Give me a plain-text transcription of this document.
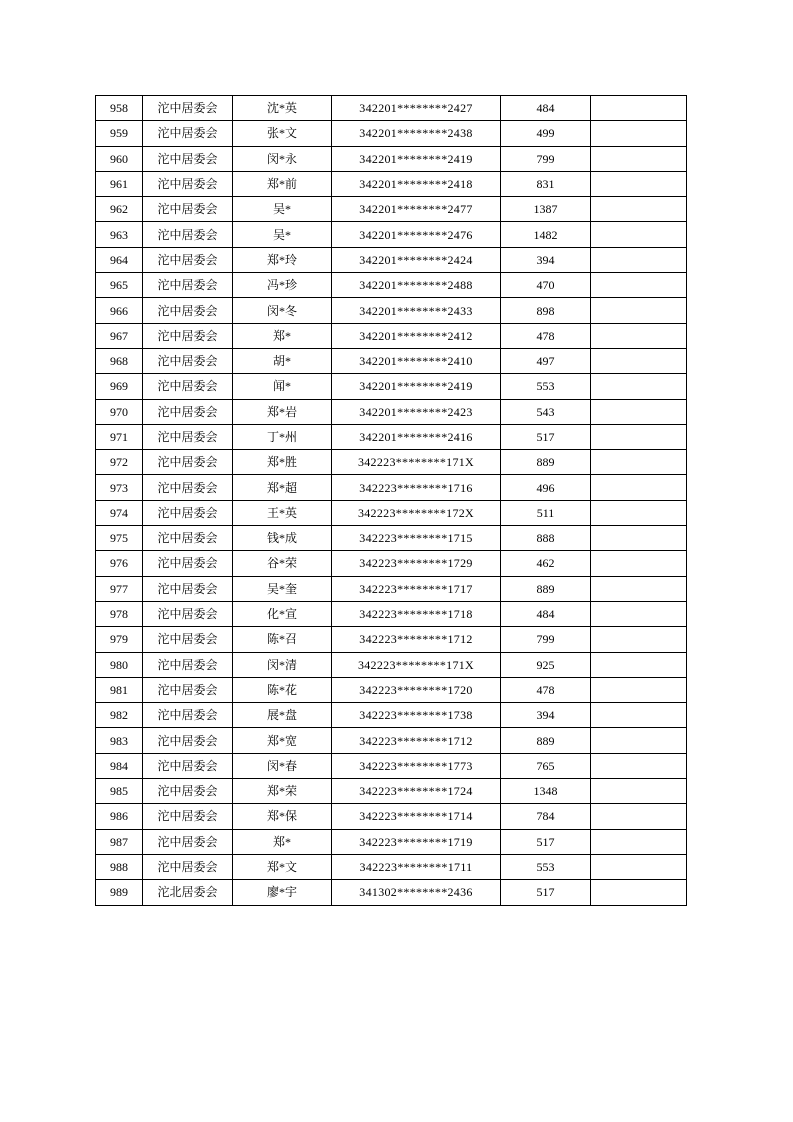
958	沱中居委会	沈*英	342201********2427	484	
959	沱中居委会	张*文	342201********2438	499	
960	沱中居委会	闵*永	342201********2419	799	
961	沱中居委会	郑*前	342201********2418	831	
962	沱中居委会	吴*	342201********2477	1387	
963	沱中居委会	吴*	342201********2476	1482	
964	沱中居委会	郑*玲	342201********2424	394	
965	沱中居委会	冯*珍	342201********2488	470	
966	沱中居委会	闵*冬	342201********2433	898	
967	沱中居委会	郑*	342201********2412	478	
968	沱中居委会	胡*	342201********2410	497	
969	沱中居委会	闻*	342201********2419	553	
970	沱中居委会	郑*岩	342201********2423	543	
971	沱中居委会	丁*州	342201********2416	517	
972	沱中居委会	郑*胜	342223********171X	889	
973	沱中居委会	郑*超	342223********1716	496	
974	沱中居委会	王*英	342223********172X	511	
975	沱中居委会	钱*成	342223********1715	888	
976	沱中居委会	谷*荣	342223********1729	462	
977	沱中居委会	吴*奎	342223********1717	889	
978	沱中居委会	化*宣	342223********1718	484	
979	沱中居委会	陈*召	342223********1712	799	
980	沱中居委会	闵*清	342223********171X	925	
981	沱中居委会	陈*花	342223********1720	478	
982	沱中居委会	展*盘	342223********1738	394	
983	沱中居委会	郑*宽	342223********1712	889	
984	沱中居委会	闵*春	342223********1773	765	
985	沱中居委会	郑*荣	342223********1724	1348	
986	沱中居委会	郑*保	342223********1714	784	
987	沱中居委会	郑*	342223********1719	517	
988	沱中居委会	郑*文	342223********1711	553	
989	沱北居委会	廖*宇	341302********2436	517	
